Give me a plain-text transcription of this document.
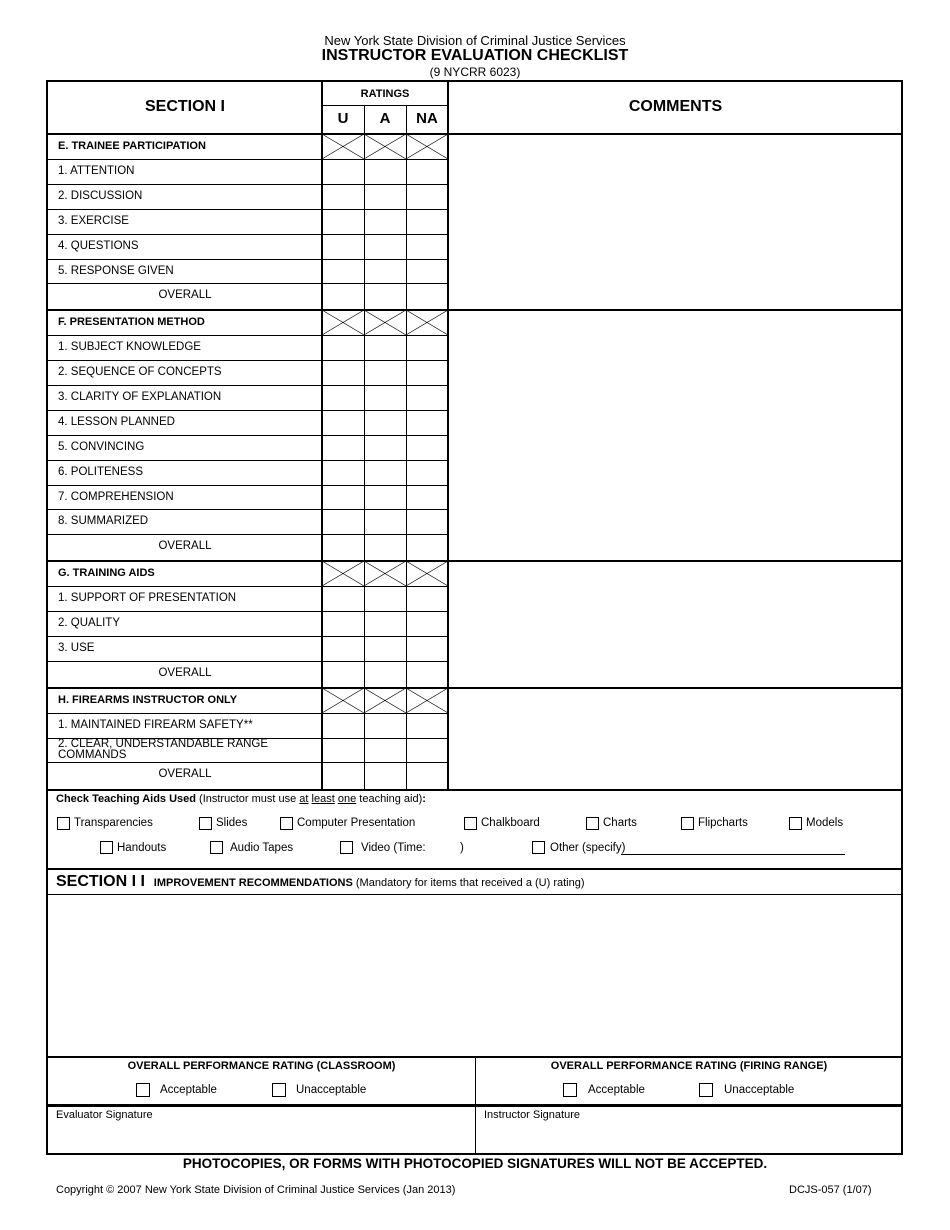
New York State Division of Criminal Justice Services
INSTRUCTOR EVALUATION CHECKLIST
(9 NYCRR 6023)
SECTION I
RATINGS
U	A	NA
COMMENTS
E. TRAINEE PARTICIPATION
1. ATTENTION
2. DISCUSSION
3. EXERCISE
4. QUESTIONS
5. RESPONSE GIVEN
OVERALL
F. PRESENTATION METHOD
1. SUBJECT KNOWLEDGE
2. SEQUENCE OF CONCEPTS
3. CLARITY OF EXPLANATION
4. LESSON PLANNED
5. CONVINCING
6. POLITENESS
7. COMPREHENSION
8. SUMMARIZED
OVERALL
G. TRAINING AIDS
1. SUPPORT OF PRESENTATION
2. QUALITY
3. USE
OVERALL
H. FIREARMS INSTRUCTOR ONLY
1. MAINTAINED FIREARM SAFETY**
2. CLEAR, UNDERSTANDABLE RANGE COMMANDS
OVERALL
Check Teaching Aids Used (Instructor must use at least one teaching aid):
Transparencies	Slides	Computer Presentation	Chalkboard	Charts	Flipcharts	Models
Handouts	Audio Tapes	Video (Time:	)	Other (specify)
SECTION I I IMPROVEMENT RECOMMENDATIONS (Mandatory for items that received a (U) rating)
OVERALL PERFORMANCE RATING (CLASSROOM)	OVERALL PERFORMANCE RATING (FIRING RANGE)
Acceptable	Unacceptable	Acceptable	Unacceptable
Evaluator Signature	Instructor Signature
PHOTOCOPIES, OR FORMS WITH PHOTOCOPIED SIGNATURES WILL NOT BE ACCEPTED.
Copyright © 2007 New York State Division of Criminal Justice Services (Jan 2013)	DCJS-057 (1/07)
